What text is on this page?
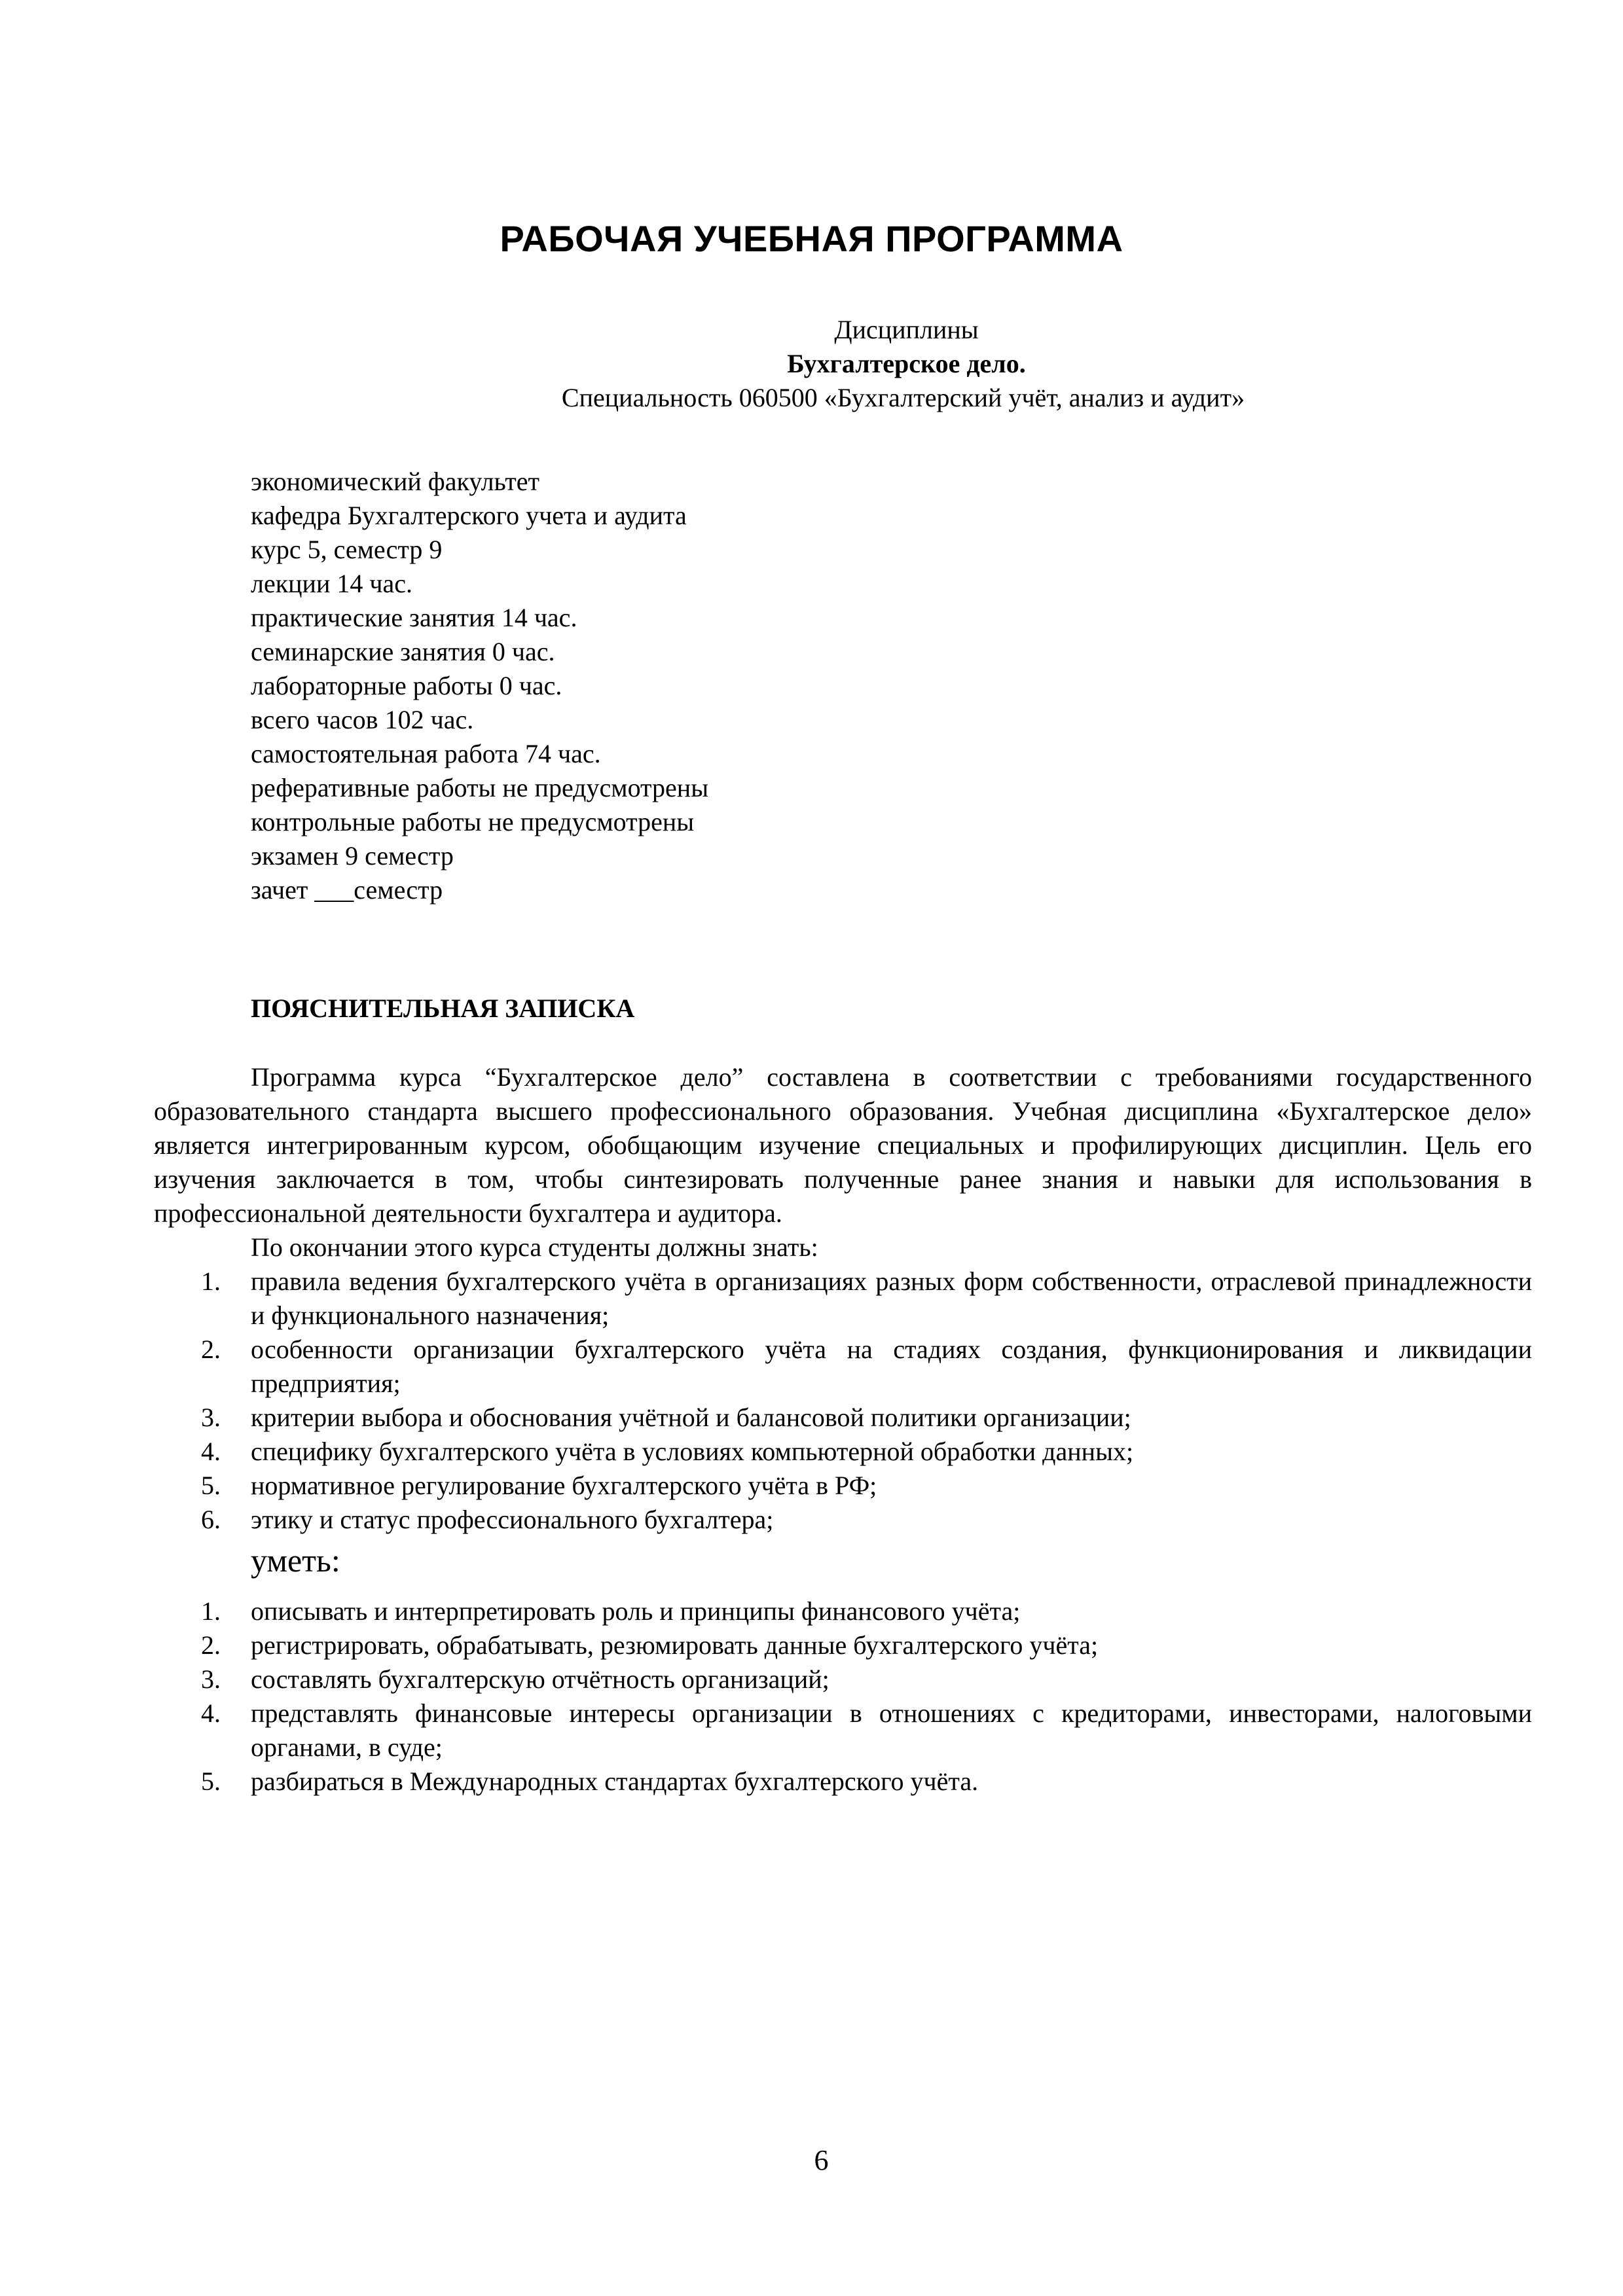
РАБОЧАЯ УЧЕБНАЯ ПРОГРАММА
Дисциплины
Бухгалтерское дело.
Специальность 060500 «Бухгалтерский учёт, анализ и аудит»
экономический факультет
кафедра Бухгалтерского учета и аудита
курс 5, семестр 9
лекции 14 час.
практические занятия 14 час.
семинарские занятия 0 час.
лабораторные работы 0 час.
всего часов 102 час.
самостоятельная работа 74 час.
реферативные работы не предусмотрены
контрольные работы не предусмотрены
экзамен 9 семестр
зачет ___семестр
ПОЯСНИТЕЛЬНАЯ ЗАПИСКА

Программа курса “Бухгалтерское дело” составлена в соответствии с требованиями государственного образовательного стандарта высшего профессионального образования. Учебная дисциплина «Бухгалтерское дело» является интегрированным курсом, обобщающим изучение специальных и профилирующих дисциплин. Цель его изучения заключается в том, чтобы синтезировать полученные ранее знания и навыки для использования в профессиональной деятельности бухгалтера и аудитора.

По окончании этого курса студенты должны знать:

1. правила ведения бухгалтерского учёта в организациях разных форм собственности, отраслевой принадлежности и функционального назначения;
2. особенности организации бухгалтерского учёта на стадиях создания, функционирования и ликвидации предприятия;
3. критерии выбора и обоснования учётной и балансовой политики организации;
4. специфику бухгалтерского учёта в условиях компьютерной обработки данных;
5. нормативное регулирование бухгалтерского учёта в РФ;
6. этику и статус профессионального бухгалтера;
уметь:
1. описывать и интерпретировать роль и принципы финансового учёта;
2. регистрировать, обрабатывать, резюмировать данные бухгалтерского учёта;
3. составлять бухгалтерскую отчётность организаций;
4. представлять финансовые интересы организации в отношениях с кредиторами, инвесторами, налоговыми органами, в суде;
5. разбираться в Международных стандартах бухгалтерского учёта.
6
